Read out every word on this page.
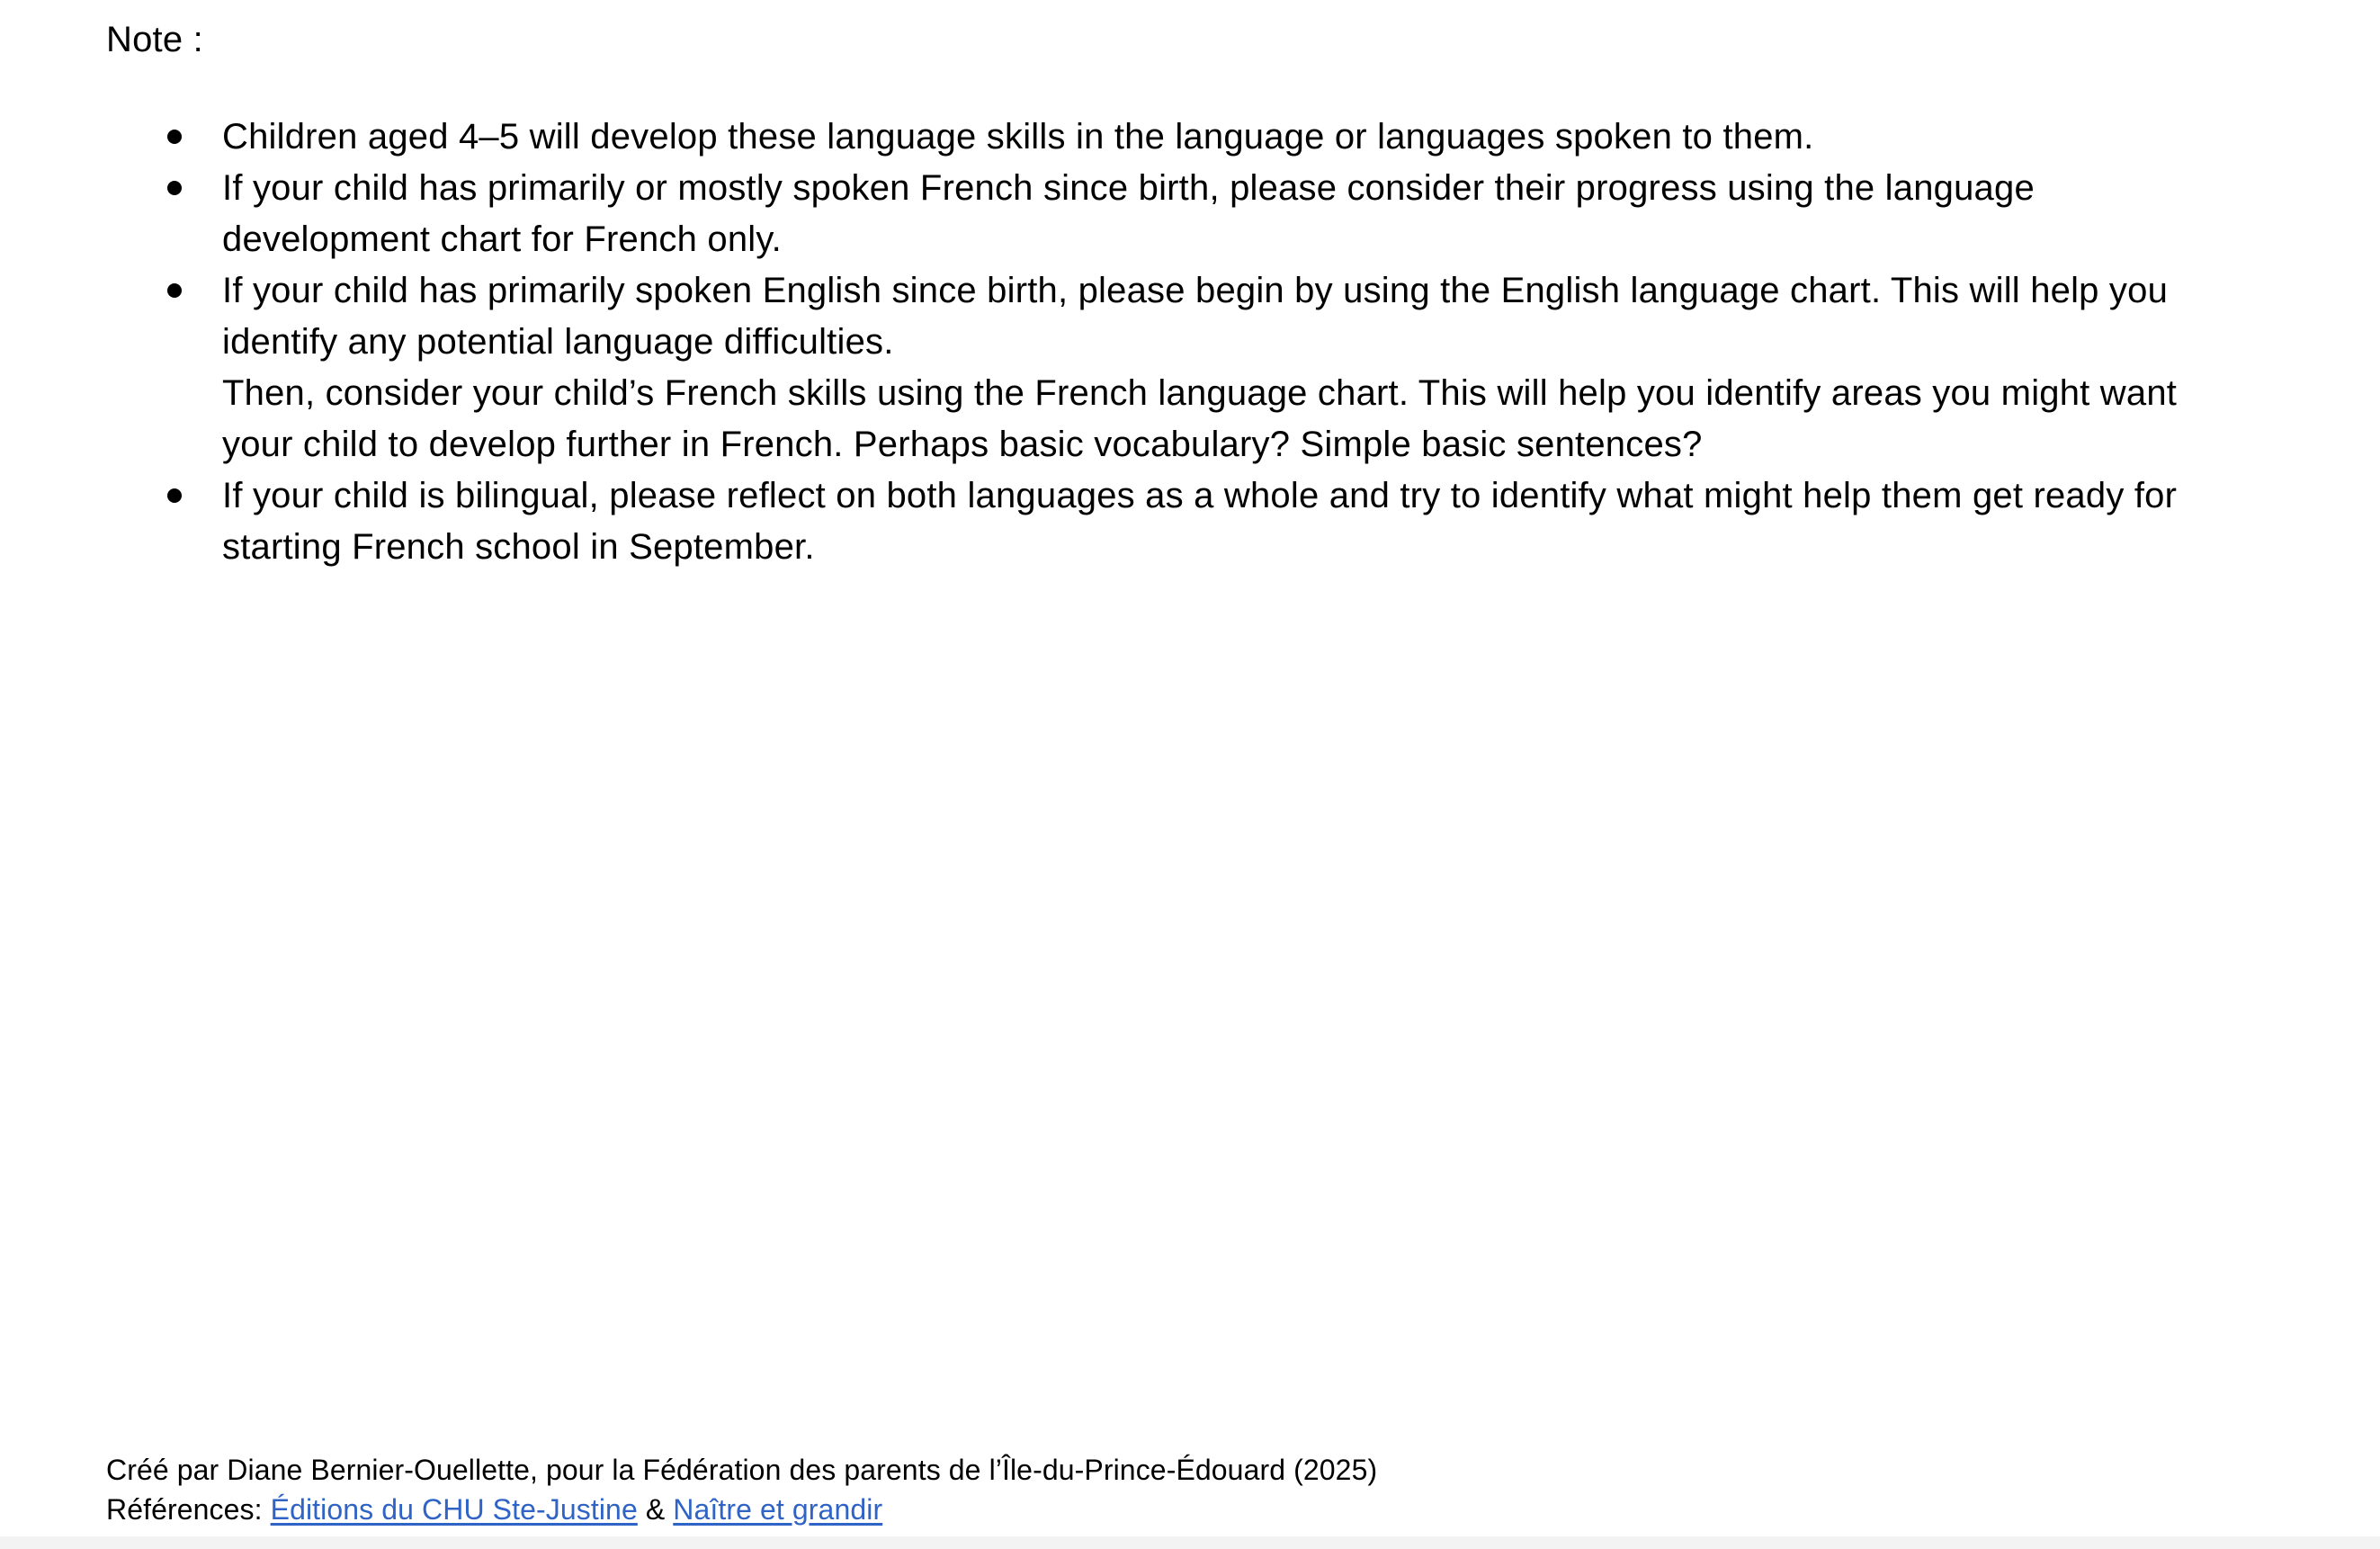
Note :
Children aged 4–5 will develop these language skills in the language or languages spoken to them.
If your child has primarily or mostly spoken French since birth, please consider their progress using the language development chart for French only.
If your child has primarily spoken English since birth, please begin by using the English language chart. This will help you identify any potential language difficulties.
Then, consider your child’s French skills using the French language chart. This will help you identify areas you might want your child to develop further in French. Perhaps basic vocabulary? Simple basic sentences?
If your child is bilingual, please reflect on both languages as a whole and try to identify what might help them get ready for starting French school in September.
Créé par Diane Bernier-Ouellette, pour la Fédération des parents de l’Île-du-Prince-Édouard (2025)
Références: Éditions du CHU Ste-Justine & Naître et grandir
